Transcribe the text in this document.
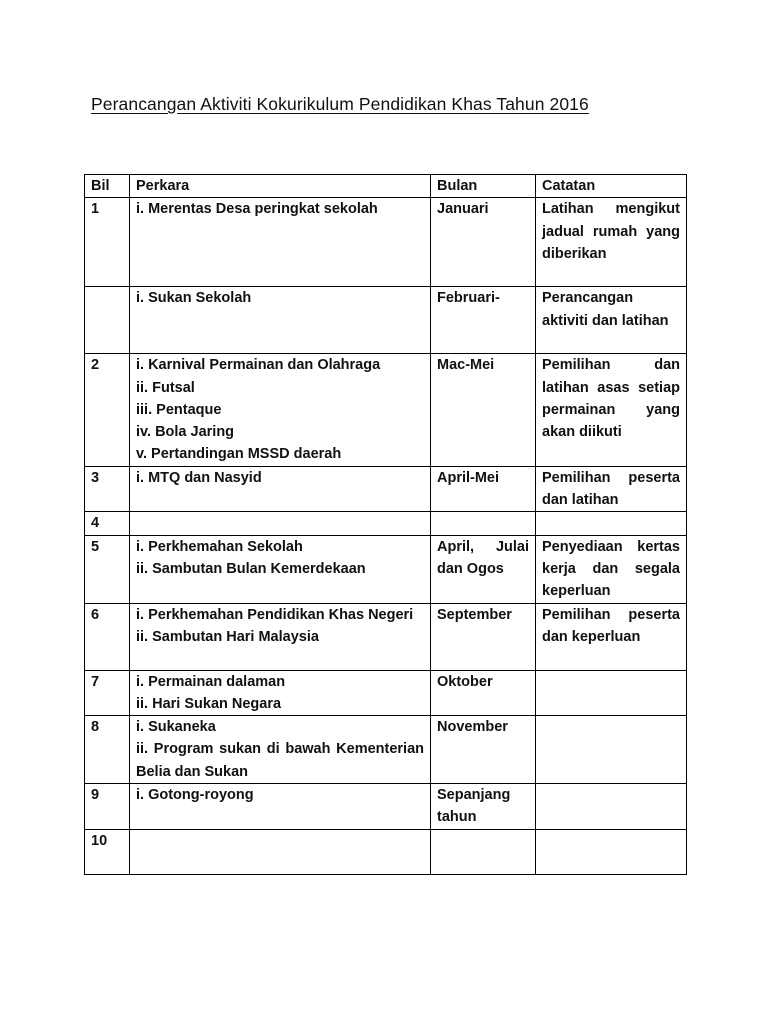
Perancangan Aktiviti Kokurikulum Pendidikan Khas Tahun 2016
Bil	Perkara	Bulan	Catatan
1	i. Merentas Desa peringkat sekolah	Januari	Latihan mengikut jadual rumah yang diberikan

	i. Sukan Sekolah	Februari-	Perancangan aktiviti dan latihan
2	i. Karnival Permainan dan Olahraga
ii. Futsal
iii. Pentaque
iv. Bola Jaring
v. Pertandingan MSSD daerah	Mac-Mei	Pemilihan dan latihan asas setiap permainan yang akan diikuti
3	i. MTQ dan Nasyid	April-Mei	Pemilihan peserta dan latihan
4	

5	i. Perkhemahan Sekolah
ii. Sambutan Bulan Kemerdekaan	April, Julai dan Ogos	Penyediaan kertas kerja dan segala keperluan
6	i. Perkhemahan Pendidikan Khas Negeri
ii. Sambutan Hari Malaysia	September	Pemilihan peserta dan keperluan
7	i. Permainan dalaman
ii. Hari Sukan Negara	Oktober	
8	i. Sukaneka
ii. Program sukan di bawah Kementerian Belia dan Sukan	November	
9	i. Gotong-royong	Sepanjang tahun	
10	
